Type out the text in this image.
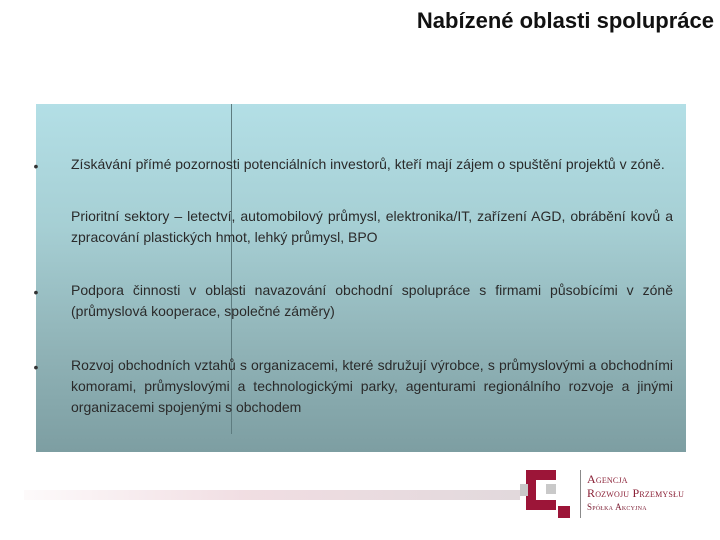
Nabízené oblasti spolupráce
•	Získávání přímé pozornosti potenciálních investorů, kteří mají zájem o spuštění projektů v zóně.
Prioritní sektory – letectví, automobilový průmysl, elektronika/IT, zařízení AGD, obrábění kovů a zpracování plastických hmot, lehký průmysl, BPO
•	Podpora činnosti v oblasti navazování obchodní spolupráce s firmami působícími v zóně (průmyslová kooperace, společné záměry)
•	Rozvoj obchodních vztahů s organizacemi, které sdružují výrobce, s průmyslovými a obchodními komorami, průmyslovými a technologickými parky, agenturami regionálního rozvoje a jinými organizacemi spojenými s obchodem
Agencja
Rozwoju Przemysłu
Spółka Akcyjna
